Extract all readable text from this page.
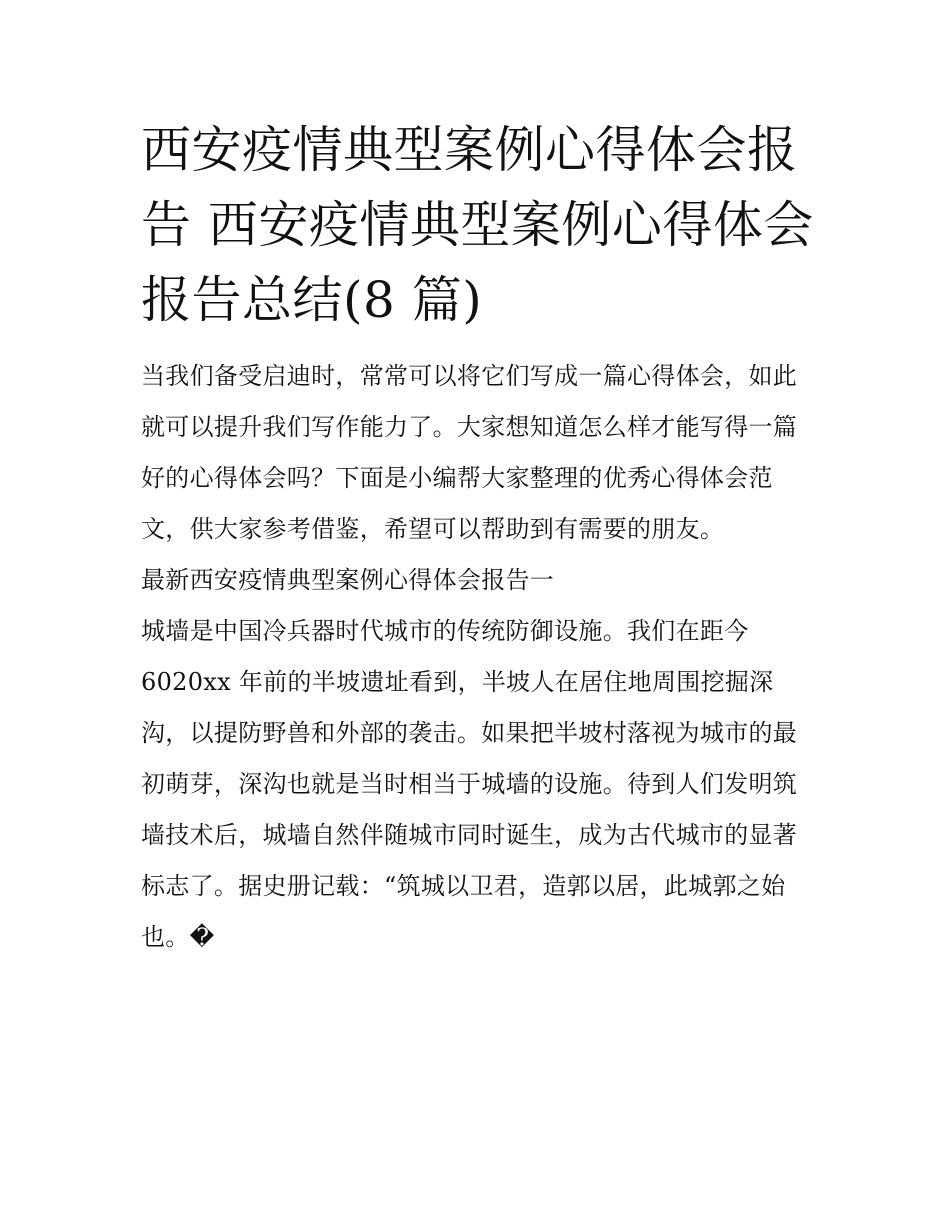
西安疫情典型案例心得体会报
告 西安疫情典型案例心得体会
报告总结(8 篇)

当我们备受启迪时，常常可以将它们写成一篇心得体会，如此
就可以提升我们写作能力了。大家想知道怎么样才能写得一篇
好的心得体会吗？下面是小编帮大家整理的优秀心得体会范
文，供大家参考借鉴，希望可以帮助到有需要的朋友。

最新西安疫情典型案例心得体会报告一

城墙是中国冷兵器时代城市的传统防御设施。我们在距今
6020xx 年前的半坡遗址看到，半坡人在居住地周围挖掘深
沟，以提防野兽和外部的袭击。如果把半坡村落视为城市的最
初萌芽，深沟也就是当时相当于城墙的设施。待到人们发明筑
墙技术后，城墙自然伴随城市同时诞生，成为古代城市的显著
标志了。据史册记载：“筑城以卫君，造郭以居，此城郭之始
也。�
